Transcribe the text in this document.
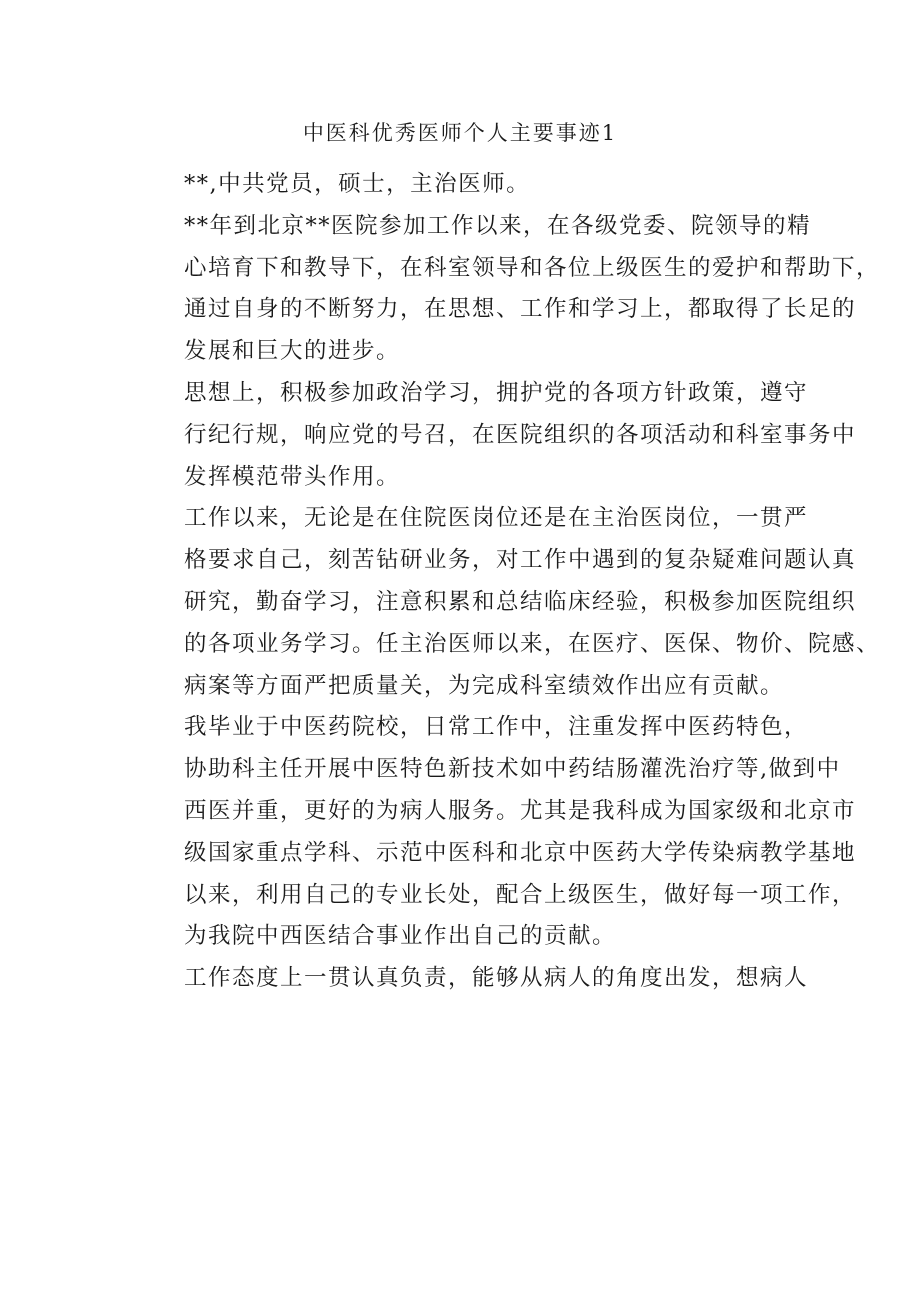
中医科优秀医师个人主要事迹1

**,中共党员，硕士，主治医师。

**年到北京**医院参加工作以来，在各级党委、院领导的精
心培育下和教导下，在科室领导和各位上级医生的爱护和帮助下，
通过自身的不断努力，在思想、工作和学习上，都取得了长足的
发展和巨大的进步。

思想上，积极参加政治学习，拥护党的各项方针政策，遵守
行纪行规，响应党的号召，在医院组织的各项活动和科室事务中
发挥模范带头作用。

工作以来，无论是在住院医岗位还是在主治医岗位，一贯严
格要求自己，刻苦钻研业务，对工作中遇到的复杂疑难问题认真
研究，勤奋学习，注意积累和总结临床经验，积极参加医院组织
的各项业务学习。任主治医师以来，在医疗、医保、物价、院感、
病案等方面严把质量关，为完成科室绩效作出应有贡献。

我毕业于中医药院校，日常工作中，注重发挥中医药特色，
协助科主任开展中医特色新技术如中药结肠灌洗治疗等,做到中
西医并重，更好的为病人服务。尤其是我科成为国家级和北京市
级国家重点学科、示范中医科和北京中医药大学传染病教学基地
以来，利用自己的专业长处，配合上级医生，做好每一项工作，
为我院中西医结合事业作出自己的贡献。

工作态度上一贯认真负责，能够从病人的角度出发，想病人
